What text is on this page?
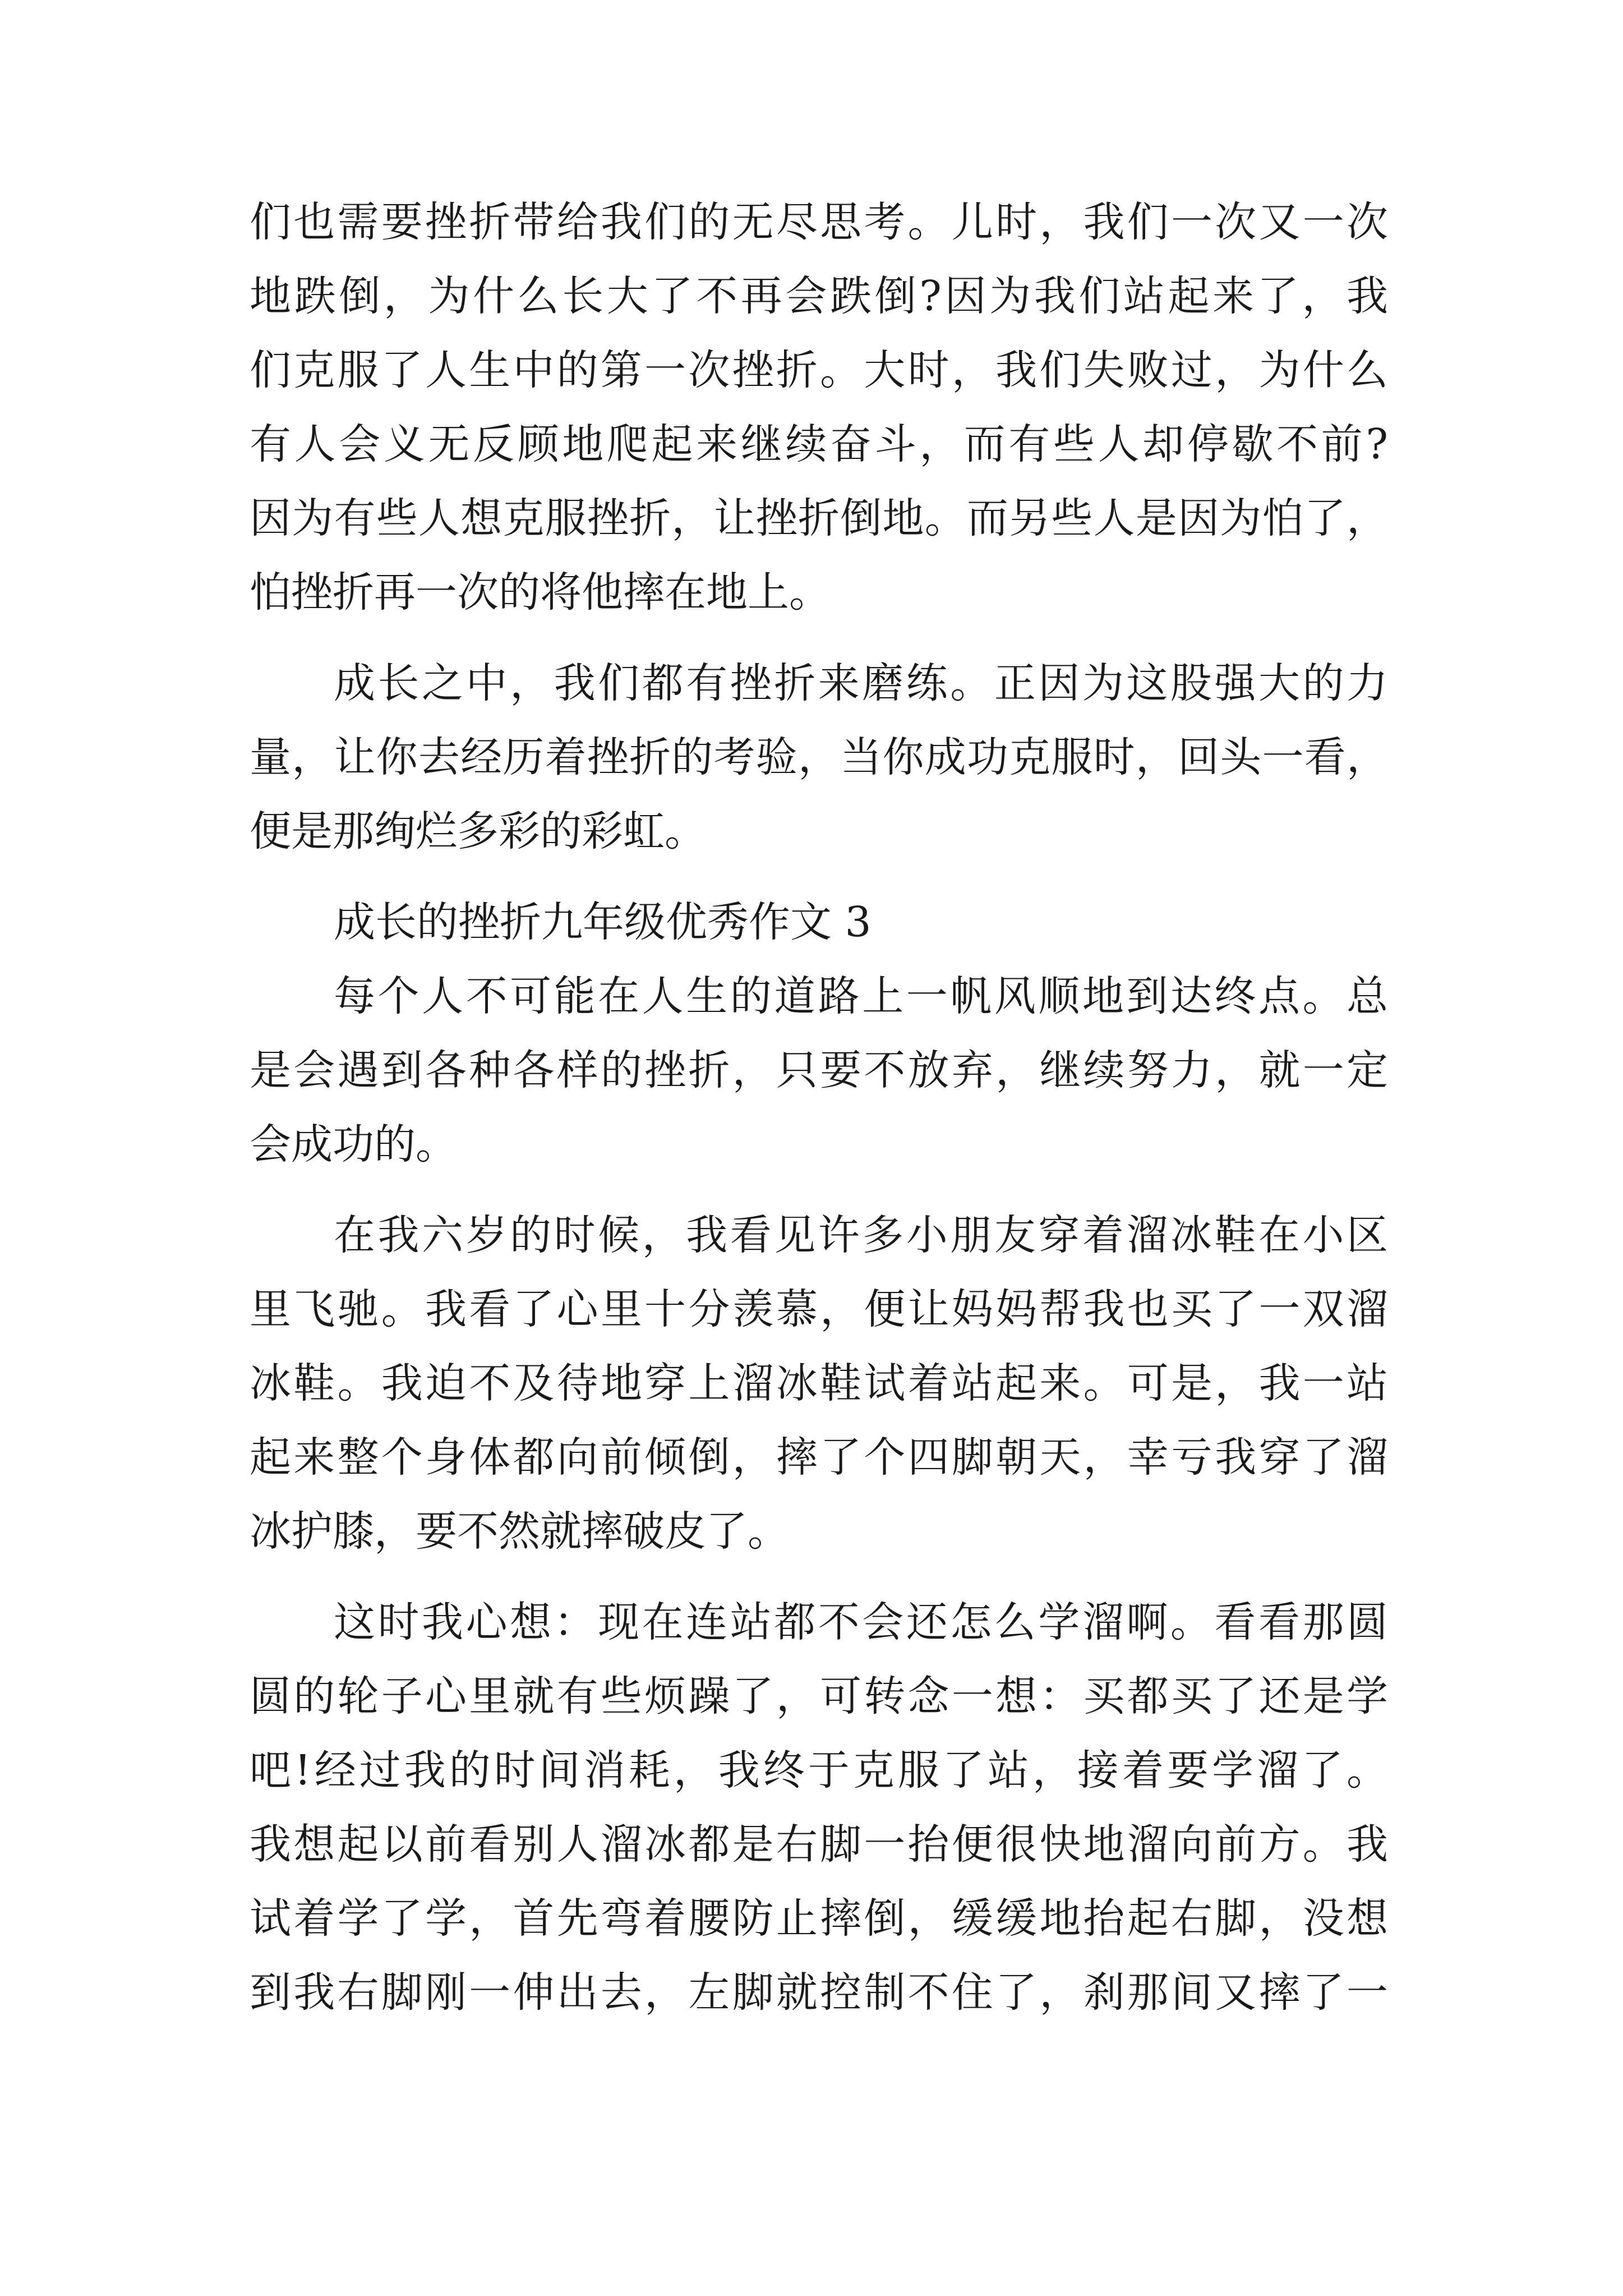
们也需要挫折带给我们的无尽思考。儿时，我们一次又一次
地跌倒，为什么长大了不再会跌倒?因为我们站起来了，我
们克服了人生中的第一次挫折。大时，我们失败过，为什么
有人会义无反顾地爬起来继续奋斗，而有些人却停歇不前?
因为有些人想克服挫折，让挫折倒地。而另些人是因为怕了，
怕挫折再一次的将他摔在地上。
成长之中，我们都有挫折来磨练。正因为这股强大的力
量，让你去经历着挫折的考验，当你成功克服时，回头一看，
便是那绚烂多彩的彩虹。
成长的挫折九年级优秀作文 3
每个人不可能在人生的道路上一帆风顺地到达终点。总
是会遇到各种各样的挫折，只要不放弃，继续努力，就一定
会成功的。
在我六岁的时候，我看见许多小朋友穿着溜冰鞋在小区
里飞驰。我看了心里十分羡慕，便让妈妈帮我也买了一双溜
冰鞋。我迫不及待地穿上溜冰鞋试着站起来。可是，我一站
起来整个身体都向前倾倒，摔了个四脚朝天，幸亏我穿了溜
冰护膝，要不然就摔破皮了。
这时我心想：现在连站都不会还怎么学溜啊。看看那圆
圆的轮子心里就有些烦躁了，可转念一想：买都买了还是学
吧!经过我的时间消耗，我终于克服了站，接着要学溜了。
我想起以前看别人溜冰都是右脚一抬便很快地溜向前方。我
试着学了学，首先弯着腰防止摔倒，缓缓地抬起右脚，没想
到我右脚刚一伸出去，左脚就控制不住了，刹那间又摔了一
